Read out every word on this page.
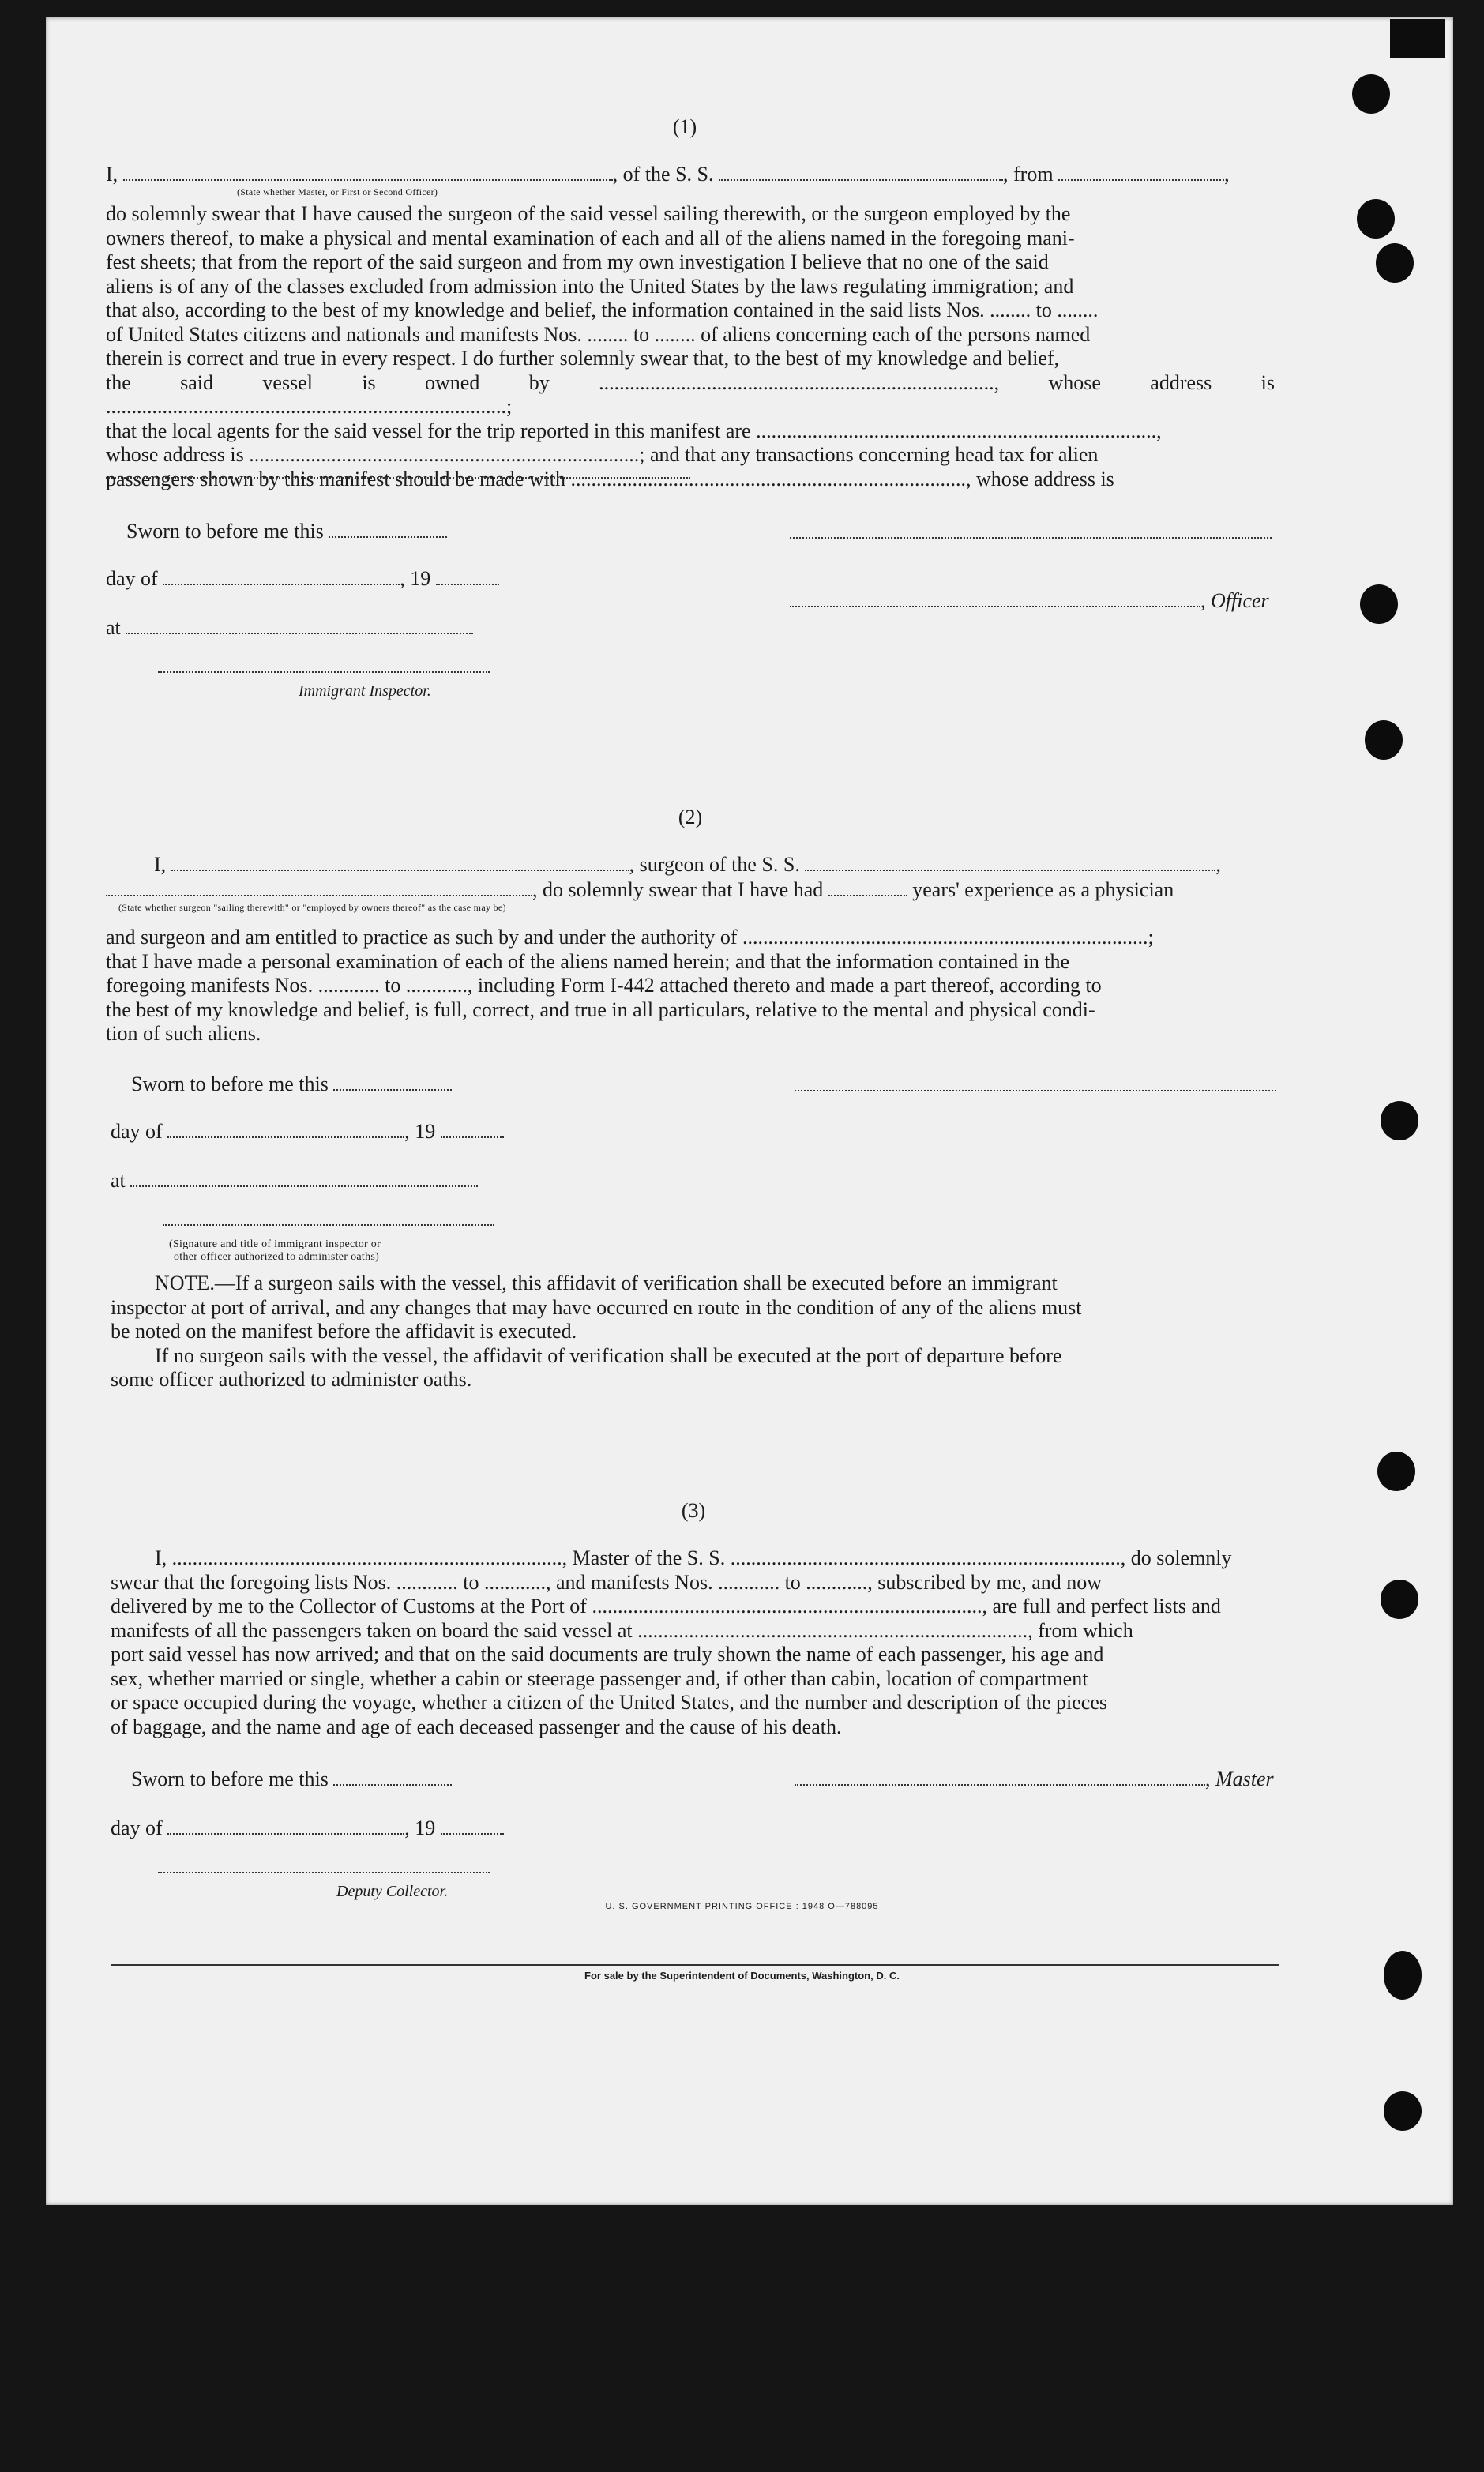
(1)
I,	, of the S. S.	, from	,
(State whether Master, or First or Second Officer)

do solemnly swear that I have caused the surgeon of the said vessel sailing therewith, or the surgeon employed by the

owners thereof, to make a physical and mental examination of each and all of the aliens named in the foregoing mani-

fest sheets; that from the report of the said surgeon and from my own investigation I believe that no one of the said

aliens is of any of the classes excluded from admission into the United States by the laws regulating immigration; and

that also, according to the best of my knowledge and belief, the information contained in the said lists Nos. ........ to ........

of United States citizens and nationals and manifests Nos. ........ to ........ of aliens concerning each of the persons named

therein is correct and true in every respect. I do further solemnly swear that, to the best of my knowledge and belief,

the said vessel is owned by ............................................................................., whose address is ..............................................................................;

that the local agents for the said vessel for the trip reported in this manifest are ..............................................................................,

whose address is ............................................................................; and that any transactions concerning head tax for alien

passengers shown by this manifest should be made with ............................................................................., whose address is

Sworn to before me this
day of	, 19
, Officer
at
Immigrant Inspector.
(2)
I,	, surgeon of the S. S.	,
, do solemnly swear that I have had	years' experience as a physician
(State whether surgeon "sailing therewith" or "employed by owners thereof" as the case may be)

and surgeon and am entitled to practice as such by and under the authority of ...............................................................................;

that I have made a personal examination of each of the aliens named herein; and that the information contained in the

foregoing manifests Nos. ............ to ............, including Form I-442 attached thereto and made a part thereof, according to

the best of my knowledge and belief, is full, correct, and true in all particulars, relative to the mental and physical condi-

tion of such aliens.

Sworn to before me this
day of	, 19
at
(Signature and title of immigrant inspector or
other officer authorized to administer oaths)

NOTE.—If a surgeon sails with the vessel, this affidavit of verification shall be executed before an immigrant

inspector at port of arrival, and any changes that may have occurred en route in the condition of any of the aliens must

be noted on the manifest before the affidavit is executed.

If no surgeon sails with the vessel, the affidavit of verification shall be executed at the port of departure before

some officer authorized to administer oaths.

(3)

I, ............................................................................, Master of the S. S. ............................................................................, do solemnly

swear that the foregoing lists Nos. ............ to ............, and manifests Nos. ............ to ............, subscribed by me, and now

delivered by me to the Collector of Customs at the Port of ............................................................................, are full and perfect lists and

manifests of all the passengers taken on board the said vessel at ............................................................................, from which

port said vessel has now arrived; and that on the said documents are truly shown the name of each passenger, his age and

sex, whether married or single, whether a cabin or steerage passenger and, if other than cabin, location of compartment

or space occupied during the voyage, whether a citizen of the United States, and the number and description of the pieces

of baggage, and the name and age of each deceased passenger and the cause of his death.

Sworn to before me this	, Master
day of	, 19
Deputy Collector.
U. S. GOVERNMENT PRINTING OFFICE : 1948 O—788095
For sale by the Superintendent of Documents, Washington, D. C.
